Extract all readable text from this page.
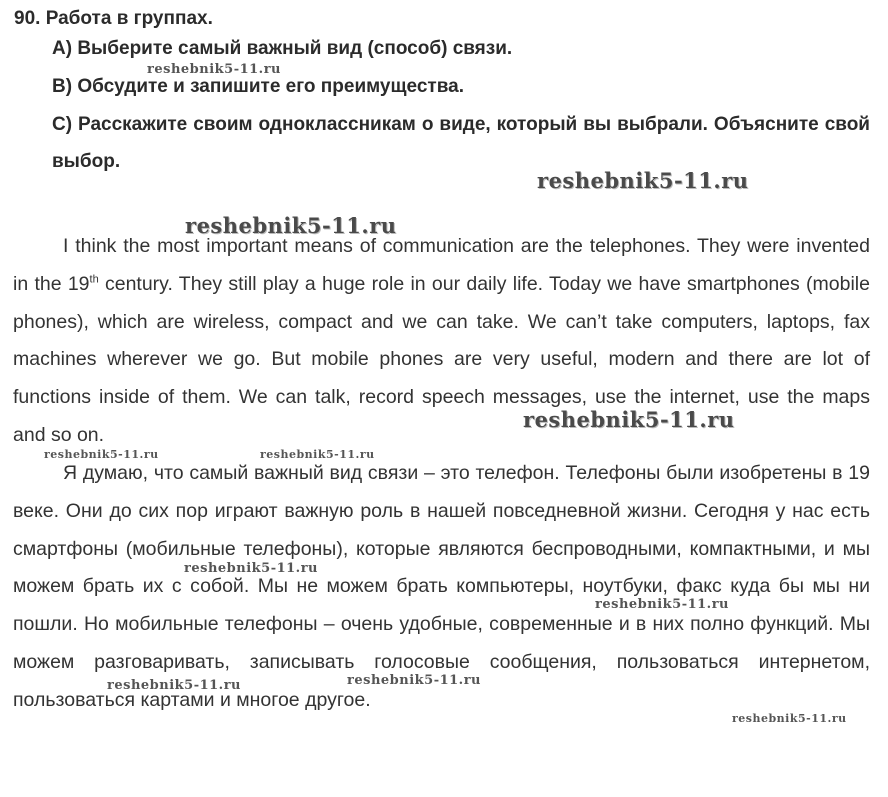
90. Работа в группах.
А) Выберите самый важный вид (способ) связи.
B) Обсудите и запишите его преимущества.
C) Расскажите своим одноклассникам о виде, который вы выбрали. Объясните свой выбор.

I think the most important means of communication are the telephones. They were invented in the 19th century. They still play a huge role in our daily life. Today we have smartphones (mobile phones), which are wireless, compact and we can take. We can’t take computers, laptops, fax machines wherever we go. But mobile phones are very useful, modern and there are lot of functions inside of them. We can talk, record speech messages, use the internet, use the maps and so on.

Я думаю, что самый важный вид связи – это телефон. Телефоны были изобретены в 19 веке. Они до сих пор играют важную роль в нашей повседневной жизни. Сегодня у нас есть смартфоны (мобильные телефоны), которые являются беспроводными, компактными, и мы можем брать их с собой. Мы не можем брать компьютеры, ноутбуки, факс куда бы мы ни пошли. Но мобильные телефоны – очень удобные, современные и в них полно функций. Мы можем разговаривать, записывать голосовые сообщения, пользоваться интернетом, пользоваться картами и многое другое.

reshebnik5-11.ru
reshebnik5-11.ru
reshebnik5-11.ru
reshebnik5-11.ru
reshebnik5-11.ru	reshebnik5-11.ru
reshebnik5-11.ru
reshebnik5-11.ru
reshebnik5-11.ru
reshebnik5-11.ru
reshebnik5-11.ru
